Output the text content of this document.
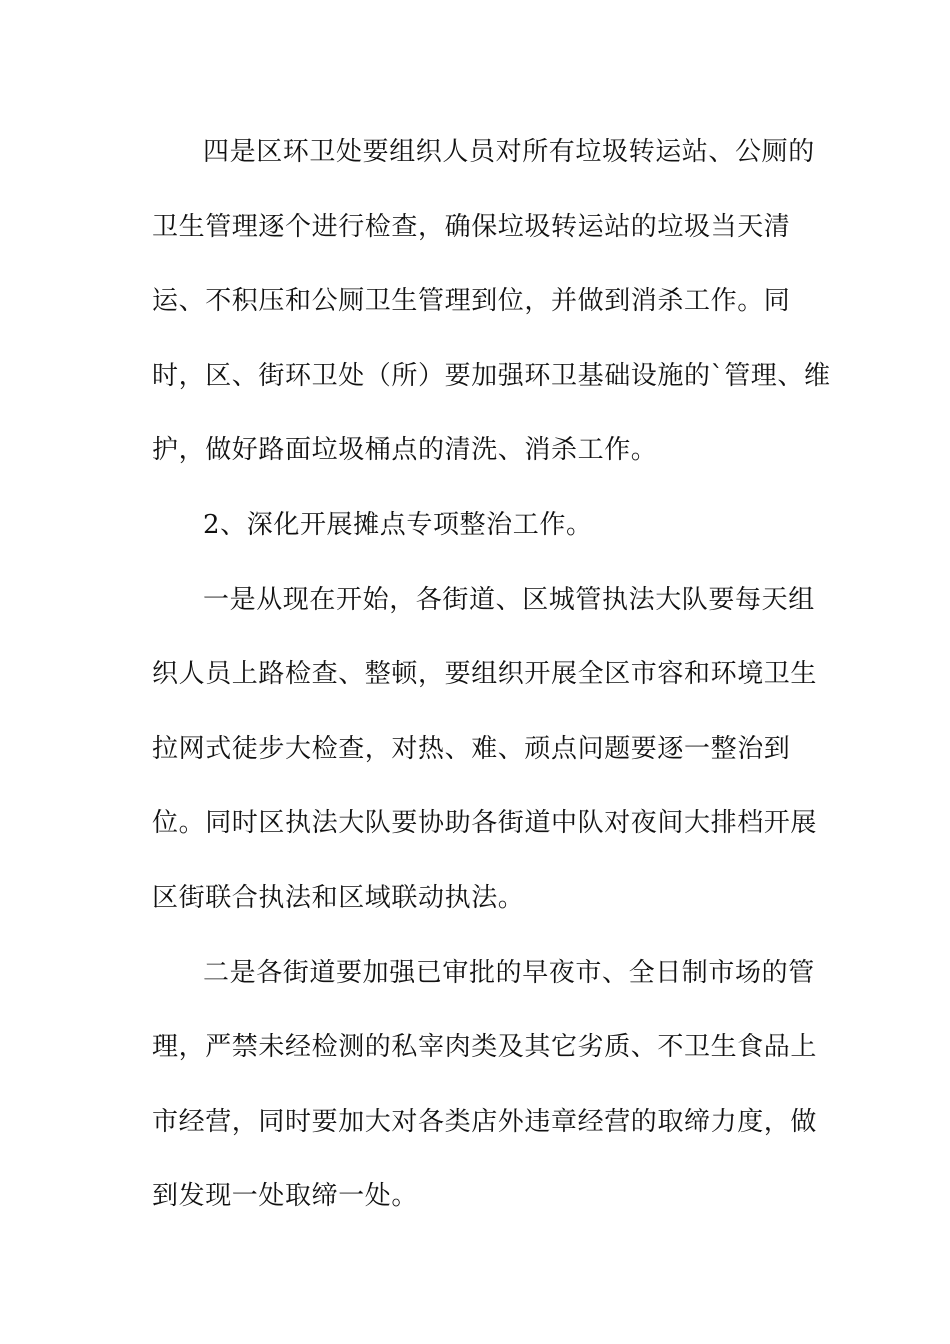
四是区环卫处要组织人员对所有垃圾转运站、公厕的
卫生管理逐个进行检查，确保垃圾转运站的垃圾当天清
运、不积压和公厕卫生管理到位，并做到消杀工作。同
时，区、街环卫处（所）要加强环卫基础设施的`管理、维
护，做好路面垃圾桶点的清洗、消杀工作。
2、深化开展摊点专项整治工作。
一是从现在开始，各街道、区城管执法大队要每天组
织人员上路检查、整顿，要组织开展全区市容和环境卫生
拉网式徒步大检查，对热、难、顽点问题要逐一整治到
位。同时区执法大队要协助各街道中队对夜间大排档开展
区街联合执法和区域联动执法。
二是各街道要加强已审批的早夜市、全日制市场的管
理，严禁未经检测的私宰肉类及其它劣质、不卫生食品上
市经营，同时要加大对各类店外违章经营的取缔力度，做
到发现一处取缔一处。
